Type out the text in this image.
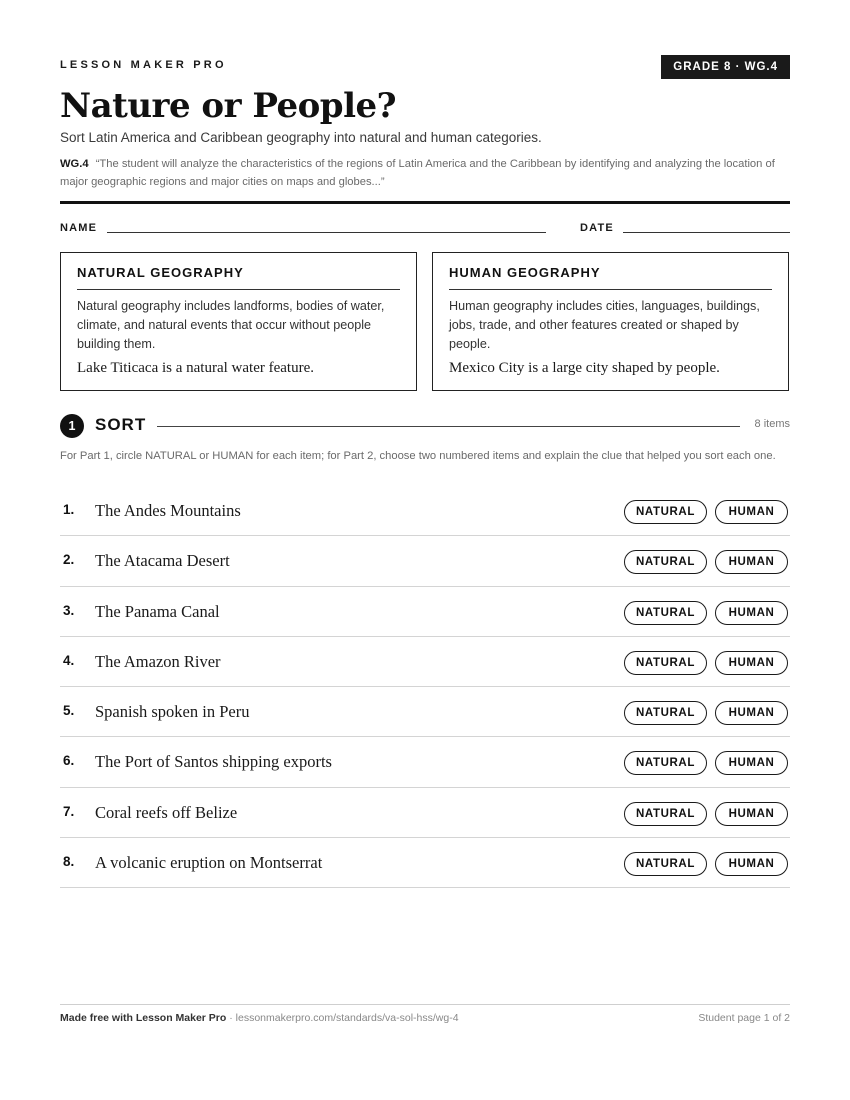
LESSON MAKER PRO	GRADE 8 · WG.4
Nature or People?
Sort Latin America and Caribbean geography into natural and human categories.
WG.4 “The student will analyze the characteristics of the regions of Latin America and the Caribbean by identifying and analyzing the location of major geographic regions and major cities on maps and globes...”
NAME	DATE
NATURAL GEOGRAPHY
Natural geography includes landforms, bodies of water, climate, and natural events that occur without people building them.
Lake Titicaca is a natural water feature.
HUMAN GEOGRAPHY
Human geography includes cities, languages, buildings, jobs, trade, and other features created or shaped by people.
Mexico City is a large city shaped by people.
1	SORT	8 items
For Part 1, circle NATURAL or HUMAN for each item; for Part 2, choose two numbered items and explain the clue that helped you sort each one.
1. The Andes Mountains	NATURAL	HUMAN
2. The Atacama Desert	NATURAL	HUMAN
3. The Panama Canal	NATURAL	HUMAN
4. The Amazon River	NATURAL	HUMAN
5. Spanish spoken in Peru	NATURAL	HUMAN
6. The Port of Santos shipping exports	NATURAL	HUMAN
7. Coral reefs off Belize	NATURAL	HUMAN
8. A volcanic eruption on Montserrat	NATURAL	HUMAN
Made free with Lesson Maker Pro · lessonmakerpro.com/standards/va-sol-hss/wg-4	Student page 1 of 2
